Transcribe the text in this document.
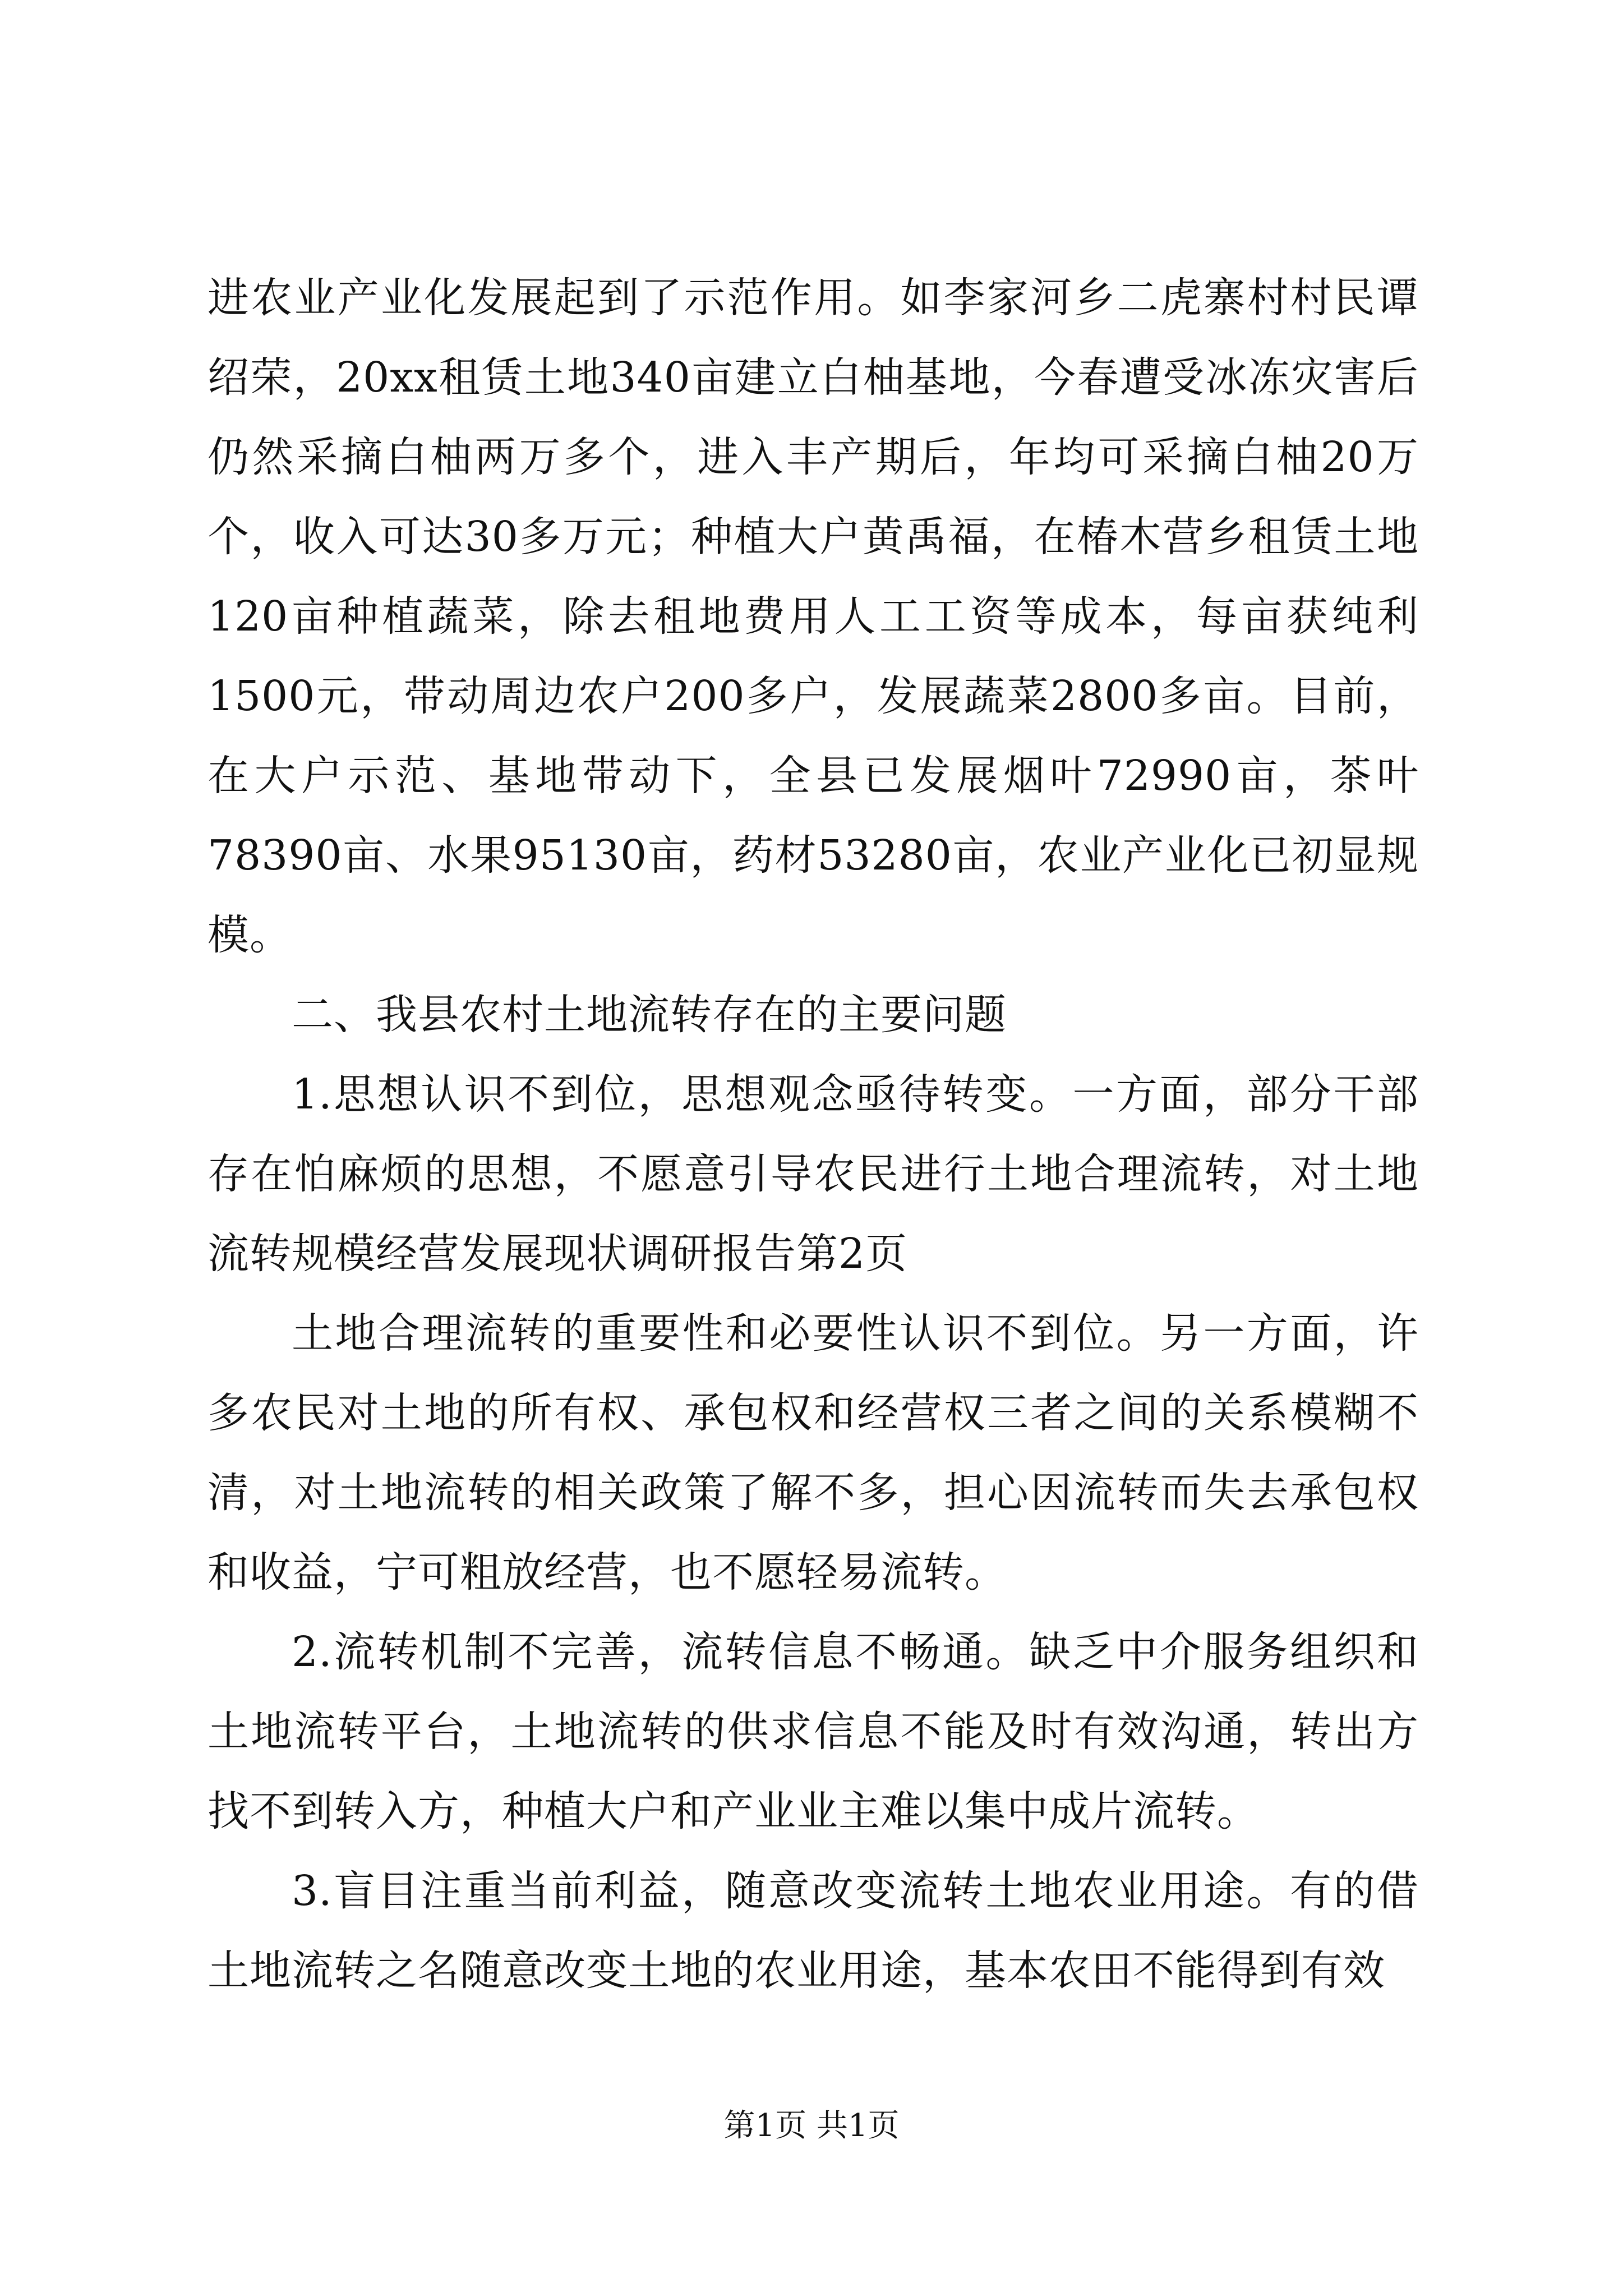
进农业产业化发展起到了示范作用。如李家河乡二虎寨村村民谭绍荣，20xx租赁土地340亩建立白柚基地，今春遭受冰冻灾害后仍然采摘白柚两万多个，进入丰产期后，年均可采摘白柚20万个，收入可达30多万元；种植大户黄禹福，在椿木营乡租赁土地120亩种植蔬菜，除去租地费用人工工资等成本，每亩获纯利1500元，带动周边农户200多户，发展蔬菜2800多亩。目前，在大户示范、基地带动下，全县已发展烟叶72990亩，茶叶78390亩、水果95130亩，药材53280亩，农业产业化已初显规模。

二、我县农村土地流转存在的主要问题

1.思想认识不到位，思想观念亟待转变。一方面，部分干部存在怕麻烦的思想，不愿意引导农民进行土地合理流转，对土地流转规模经营发展现状调研报告第2页

土地合理流转的重要性和必要性认识不到位。另一方面，许多农民对土地的所有权、承包权和经营权三者之间的关系模糊不清，对土地流转的相关政策了解不多，担心因流转而失去承包权和收益，宁可粗放经营，也不愿轻易流转。

2.流转机制不完善，流转信息不畅通。缺乏中介服务组织和土地流转平台，土地流转的供求信息不能及时有效沟通，转出方找不到转入方，种植大户和产业业主难以集中成片流转。

3.盲目注重当前利益，随意改变流转土地农业用途。有的借土地流转之名随意改变土地的农业用途，基本农田不能得到有效

第1页 共1页
